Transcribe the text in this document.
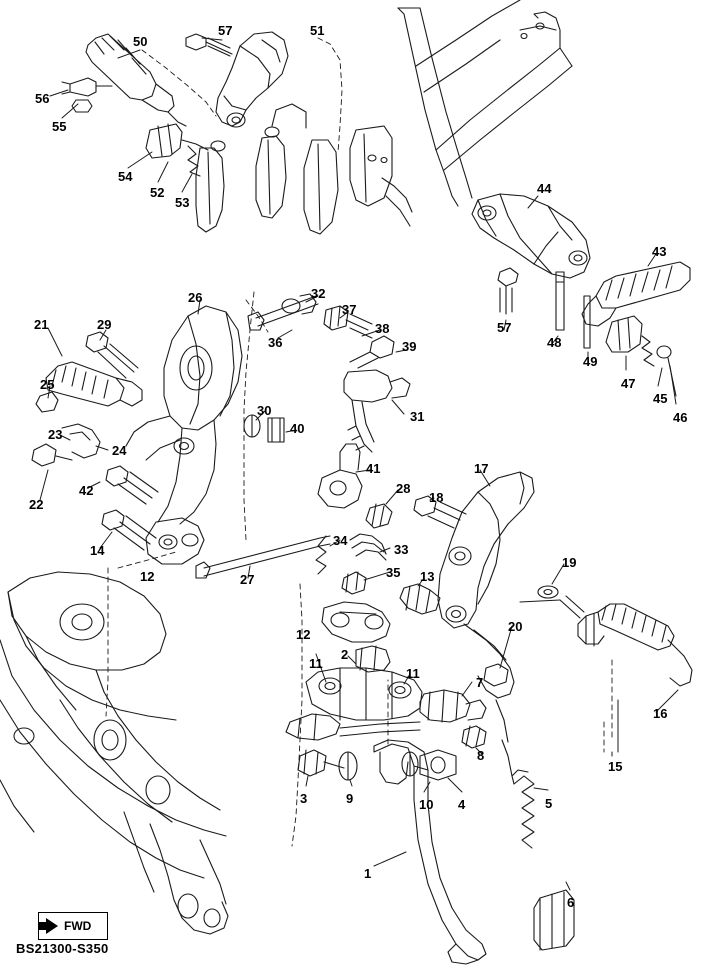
FWD
BS21300-S350
57	51
50
56
55
54
52
53
44
43
26	32
37
38
21	29
36	39
57
48
49
47
45
46
25
30
40
31
23
24
42
22
41
28
18
17
34
33
14
12	27	35 13
19
20
12
11
2
11
7
16
15
8
3	9	10 4	5
1
6
